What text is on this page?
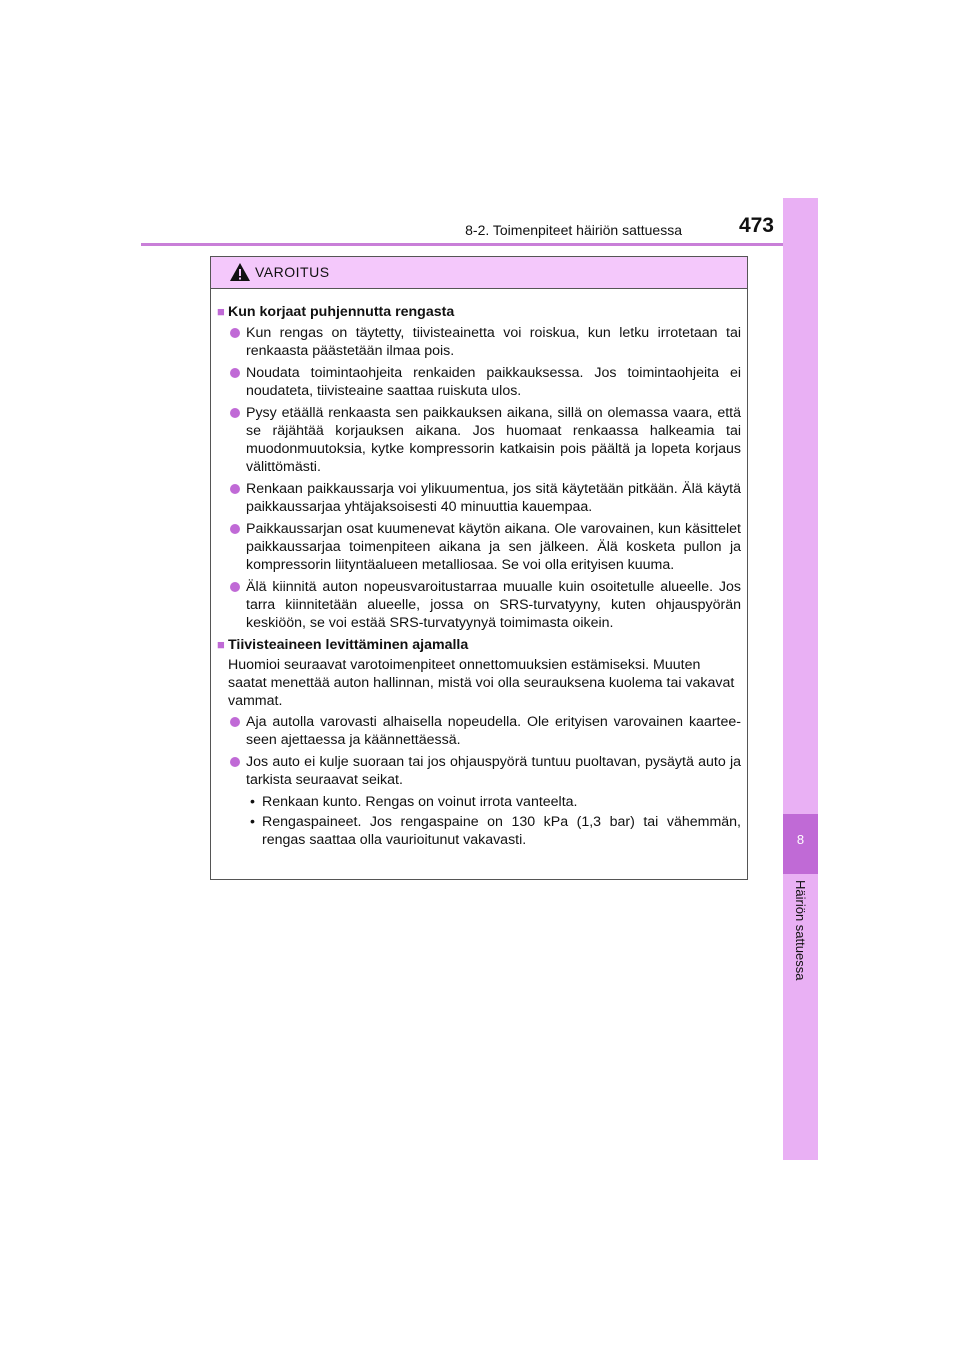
8-2. Toimenpiteet häiriön sattuessa	473
8
Häiriön sattuessa
VAROITUS
■ Kun korjaat puhjennutta rengasta
Kun rengas on täytetty, tiivisteainetta voi roiskua, kun letku irrotetaan tai renkaasta päästetään ilmaa pois.
Noudata toimintaohjeita renkaiden paikkauksessa. Jos toimintaohjeita ei noudateta, tiivisteaine saattaa ruiskuta ulos.
Pysy etäällä renkaasta sen paikkauksen aikana, sillä on olemassa vaara, että se räjähtää korjauksen aikana. Jos huomaat renkaassa halkeamia tai muodonmuutoksia, kytke kompressorin katkaisin pois päältä ja lopeta korjaus välittömästi.
Renkaan paikkaussarja voi ylikuumentua, jos sitä käytetään pitkään. Älä käytä paikkaussarjaa yhtäjaksoisesti 40 minuuttia kauempaa.
Paikkaussarjan osat kuumenevat käytön aikana. Ole varovainen, kun käsittelet paikkaussarjaa toimenpiteen aikana ja sen jälkeen. Älä kosketa pullon ja kompressorin liityntäalueen metalliosaa. Se voi olla erityisen kuuma.
Älä kiinnitä auton nopeusvaroitustarraa muualle kuin osoitetulle alueelle. Jos tarra kiinnitetään alueelle, jossa on SRS-turvatyyny, kuten ohjauspyörän keskiöön, se voi estää SRS-turvatyynyä toimimasta oikein.
■ Tiivisteaineen levittäminen ajamalla
Huomioi seuraavat varotoimenpiteet onnettomuuksien estämiseksi. Muuten saatat menettää auton hallinnan, mistä voi olla seurauksena kuolema tai vakavat vammat.
Aja autolla varovasti alhaisella nopeudella. Ole erityisen varovainen kaartee-seen ajettaessa ja käännettäessä.
Jos auto ei kulje suoraan tai jos ohjauspyörä tuntuu puoltavan, pysäytä auto ja tarkista seuraavat seikat.
• Renkaan kunto. Rengas on voinut irrota vanteelta.
• Rengaspaineet. Jos rengaspaine on 130 kPa (1,3 bar) tai vähemmän, rengas saattaa olla vaurioitunut vakavasti.
